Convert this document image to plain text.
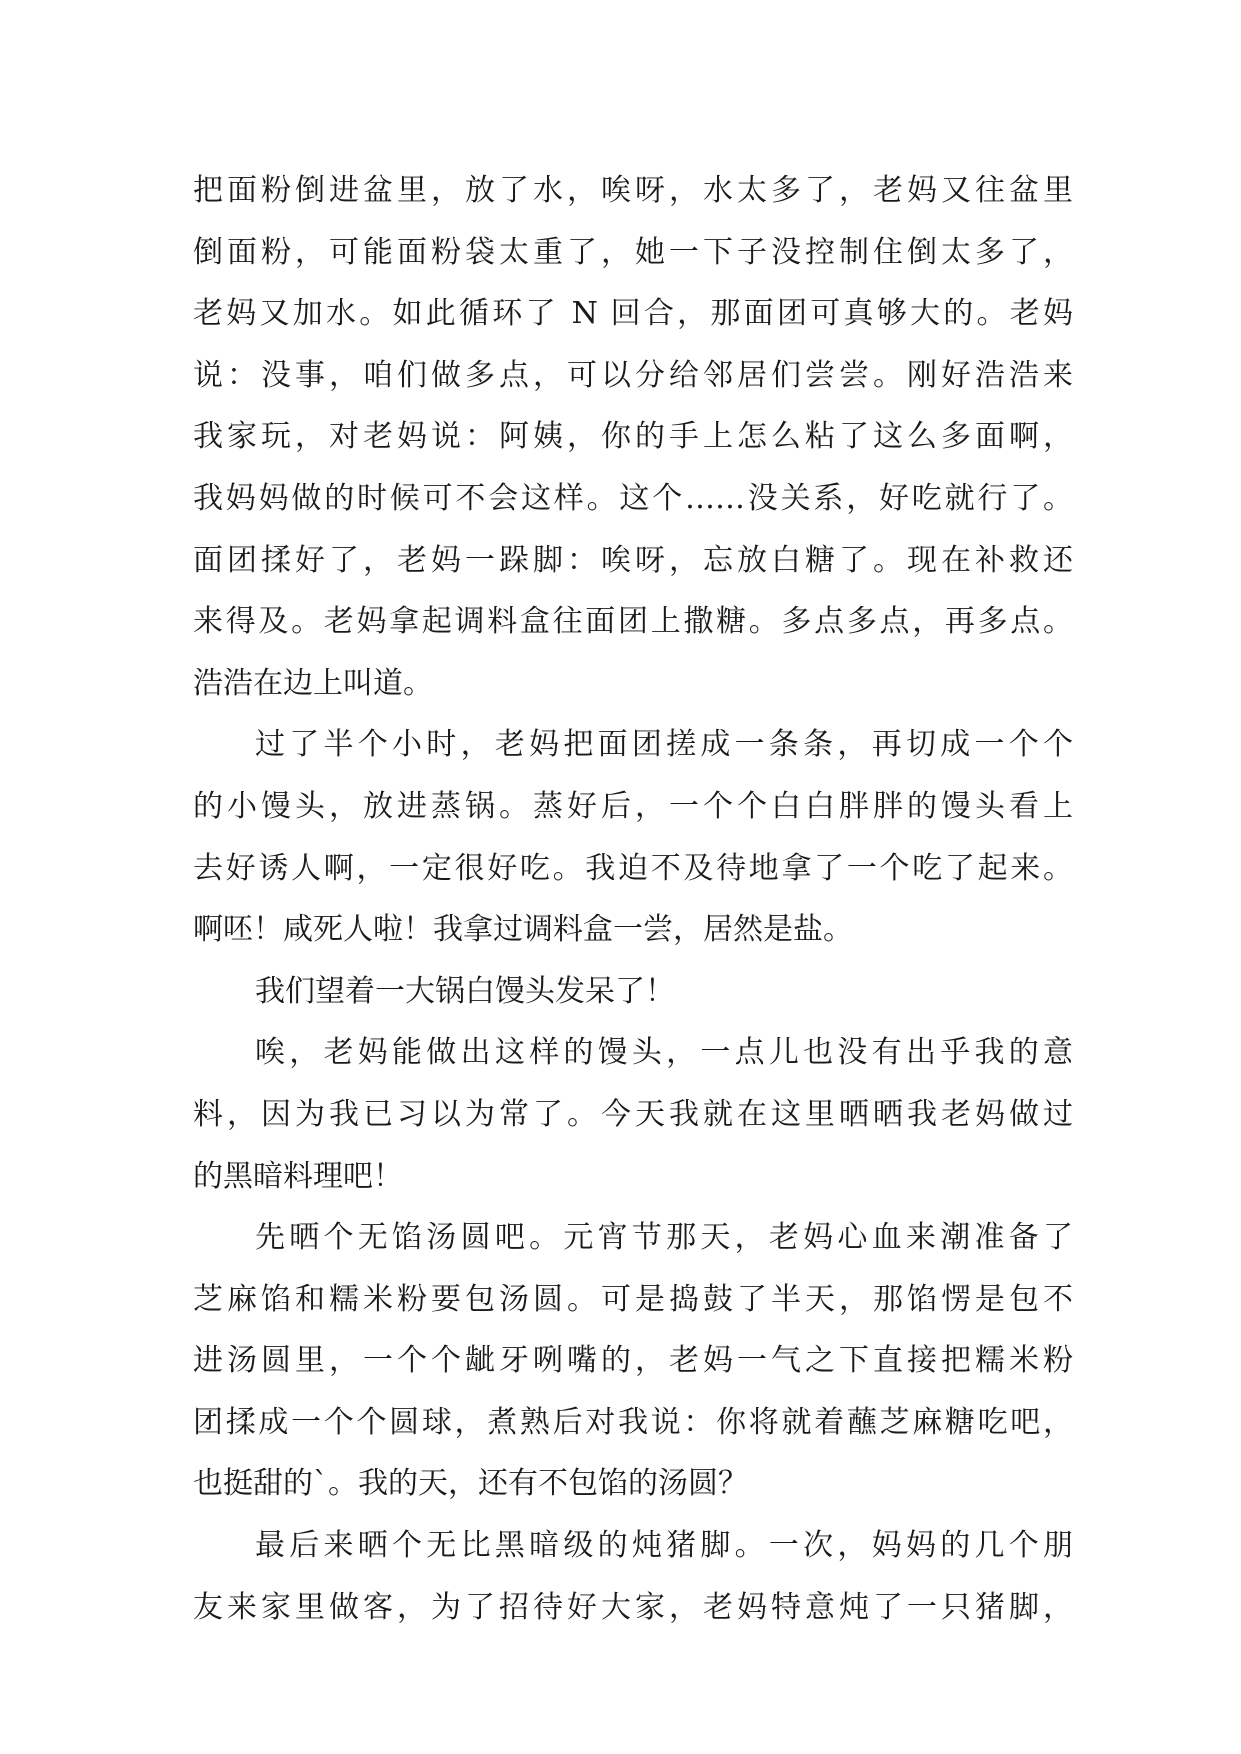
把面粉倒进盆里，放了水，唉呀，水太多了，老妈又往盆里
倒面粉，可能面粉袋太重了，她一下子没控制住倒太多了，
老妈又加水。如此循环了 N 回合，那面团可真够大的。老妈
说：没事，咱们做多点，可以分给邻居们尝尝。刚好浩浩来
我家玩，对老妈说：阿姨，你的手上怎么粘了这么多面啊，
我妈妈做的时候可不会这样。这个……没关系，好吃就行了。
面团揉好了，老妈一跺脚：唉呀，忘放白糖了。现在补救还
来得及。老妈拿起调料盒往面团上撒糖。多点多点，再多点。
浩浩在边上叫道。
过了半个小时，老妈把面团搓成一条条，再切成一个个
的小馒头，放进蒸锅。蒸好后，一个个白白胖胖的馒头看上
去好诱人啊，一定很好吃。我迫不及待地拿了一个吃了起来。
啊呸！咸死人啦！我拿过调料盒一尝，居然是盐。
我们望着一大锅白馒头发呆了！
唉，老妈能做出这样的馒头，一点儿也没有出乎我的意
料，因为我已习以为常了。今天我就在这里晒晒我老妈做过
的黑暗料理吧！
先晒个无馅汤圆吧。元宵节那天，老妈心血来潮准备了
芝麻馅和糯米粉要包汤圆。可是捣鼓了半天，那馅愣是包不
进汤圆里，一个个龇牙咧嘴的，老妈一气之下直接把糯米粉
团揉成一个个圆球，煮熟后对我说：你将就着蘸芝麻糖吃吧，
也挺甜的`。我的天，还有不包馅的汤圆？
最后来晒个无比黑暗级的炖猪脚。一次，妈妈的几个朋
友来家里做客，为了招待好大家，老妈特意炖了一只猪脚，
